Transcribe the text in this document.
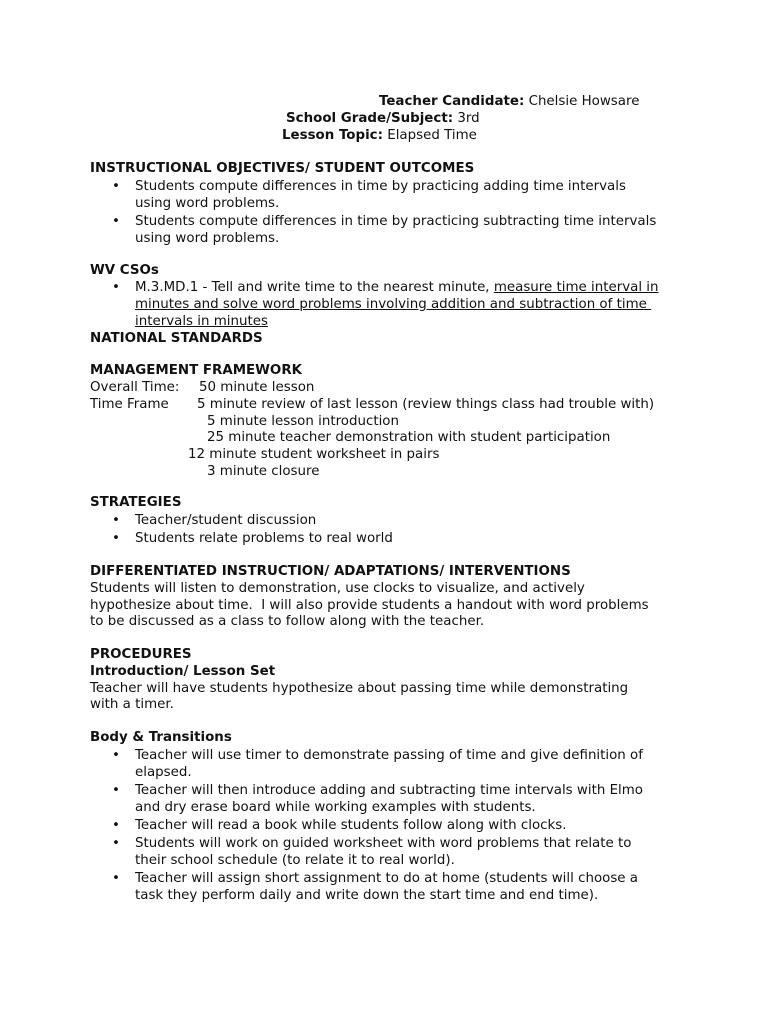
Teacher Candidate: Chelsie Howsare
School Grade/Subject: 3rd
Lesson Topic: Elapsed Time
INSTRUCTIONAL OBJECTIVES/ STUDENT OUTCOMES
• Students compute differences in time by practicing adding time intervals
using word problems.
• Students compute differences in time by practicing subtracting time intervals
using word problems.
WV CSOs
• M.3.MD.1 - Tell and write time to the nearest minute, measure time interval in
minutes and solve word problems involving addition and subtraction of time
intervals in minutes
NATIONAL STANDARDS
MANAGEMENT FRAMEWORK
Overall Time: 50 minute lesson
Time Frame 5 minute review of last lesson (review things class had trouble with)
5 minute lesson introduction
25 minute teacher demonstration with student participation
12 minute student worksheet in pairs
3 minute closure
STRATEGIES
• Teacher/student discussion
• Students relate problems to real world
DIFFERENTIATED INSTRUCTION/ ADAPTATIONS/ INTERVENTIONS
Students will listen to demonstration, use clocks to visualize, and actively
hypothesize about time.  I will also provide students a handout with word problems
to be discussed as a class to follow along with the teacher.
PROCEDURES
Introduction/ Lesson Set
Teacher will have students hypothesize about passing time while demonstrating
with a timer.
Body & Transitions
• Teacher will use timer to demonstrate passing of time and give definition of
elapsed.
• Teacher will then introduce adding and subtracting time intervals with Elmo
and dry erase board while working examples with students.
• Teacher will read a book while students follow along with clocks.
• Students will work on guided worksheet with word problems that relate to
their school schedule (to relate it to real world).
• Teacher will assign short assignment to do at home (students will choose a
task they perform daily and write down the start time and end time).
